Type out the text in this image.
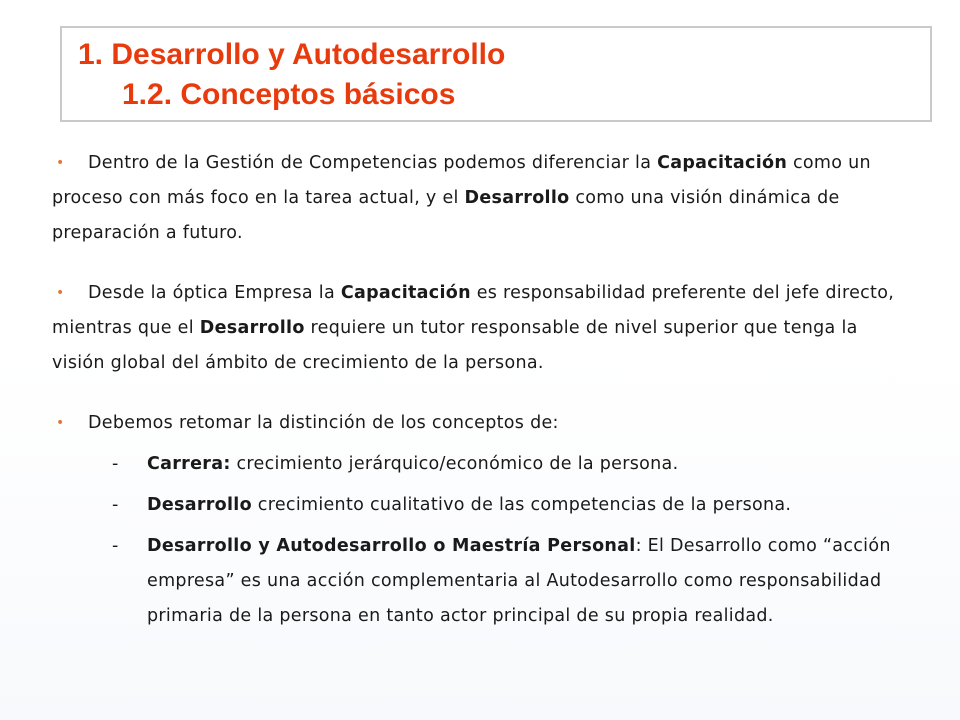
1. Desarrollo y Autodesarrollo
1.2. Conceptos básicos
• Dentro de la Gestión de Competencias podemos diferenciar la Capacitación como un proceso con más foco en la tarea actual, y el Desarrollo como una visión dinámica de preparación a futuro.
• Desde la óptica Empresa la Capacitación es responsabilidad preferente del jefe directo, mientras que el Desarrollo requiere un tutor responsable de nivel superior que tenga la visión global del ámbito de crecimiento de la persona.
• Debemos retomar la distinción de los conceptos de:
- Carrera: crecimiento jerárquico/económico de la persona.
- Desarrollo crecimiento cualitativo de las competencias de la persona.
- Desarrollo y Autodesarrollo o Maestría Personal: El Desarrollo como “acción empresa” es una acción complementaria al Autodesarrollo como responsabilidad primaria de la persona en tanto actor principal de su propia realidad.
